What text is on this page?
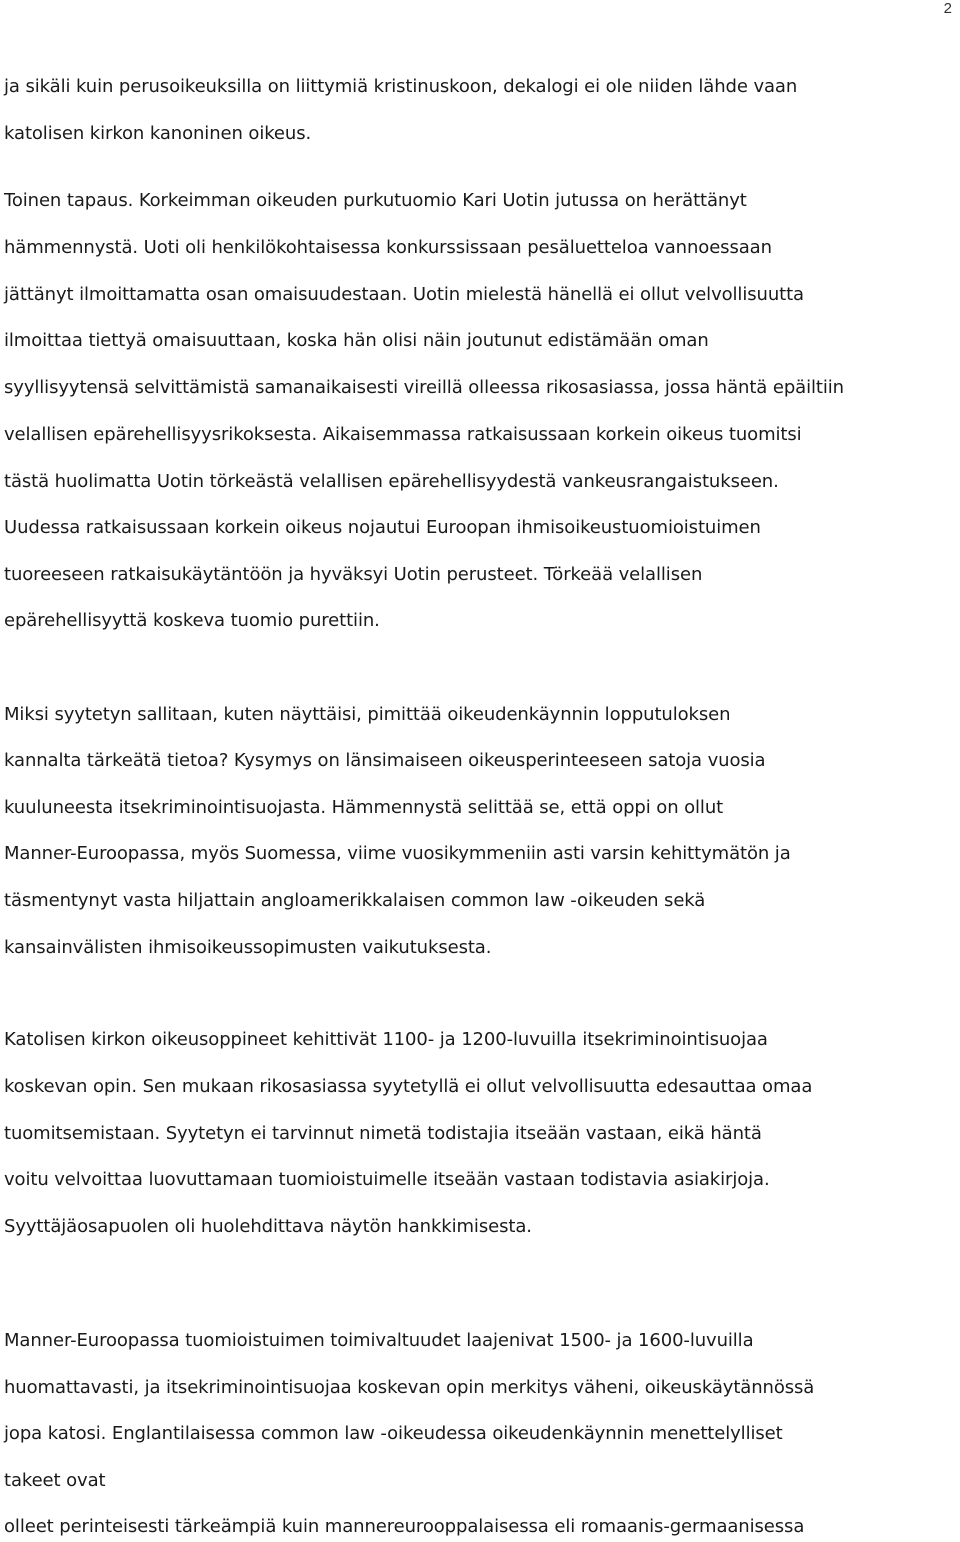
2
ja sikäli kuin perusoikeuksilla on liittymiä kristinuskoon, dekalogi ei ole niiden lähde vaan
katolisen kirkon kanoninen oikeus.
Toinen tapaus. Korkeimman oikeuden purkutuomio Kari Uotin jutussa on herättänyt
hämmennystä. Uoti oli henkilökohtaisessa konkurssissaan pesäluetteloa vannoessaan
jättänyt ilmoittamatta osan omaisuudestaan. Uotin mielestä hänellä ei ollut velvollisuutta
ilmoittaa tiettyä omaisuuttaan, koska hän olisi näin joutunut edistämään oman
syyllisyytensä selvittämistä samanaikaisesti vireillä olleessa rikosasiassa, jossa häntä epäiltiin
velallisen epärehellisyysrikoksesta. Aikaisemmassa ratkaisussaan korkein oikeus tuomitsi
tästä huolimatta Uotin törkeästä velallisen epärehellisyydestä vankeusrangaistukseen.
Uudessa ratkaisussaan korkein oikeus nojautui Euroopan ihmisoikeustuomioistuimen
tuoreeseen ratkaisukäytäntöön ja hyväksyi Uotin perusteet. Törkeää velallisen
epärehellisyyttä koskeva tuomio purettiin.
Miksi syytetyn sallitaan, kuten näyttäisi, pimittää oikeudenkäynnin lopputuloksen
kannalta tärkeätä tietoa? Kysymys on länsimaiseen oikeusperinteeseen satoja vuosia
kuuluneesta itsekriminointisuojasta. Hämmennystä selittää se, että oppi on ollut
Manner-Euroopassa, myös Suomessa, viime vuosikymmeniin asti varsin kehittymätön ja
täsmentynyt vasta hiljattain angloamerikkalaisen common law -oikeuden sekä
kansainvälisten ihmisoikeussopimusten vaikutuksesta.
Katolisen kirkon oikeusoppineet kehittivät 1100- ja 1200-luvuilla itsekriminointisuojaa
koskevan opin. Sen mukaan rikosasiassa syytetyllä ei ollut velvollisuutta edesauttaa omaa
tuomitsemistaan. Syytetyn ei tarvinnut nimetä todistajia itseään vastaan, eikä häntä
voitu velvoittaa luovuttamaan tuomioistuimelle itseään vastaan todistavia asiakirjoja.
Syyttäjäosapuolen oli huolehdittava näytön hankkimisesta.
Manner-Euroopassa tuomioistuimen toimivaltuudet laajenivat 1500- ja 1600-luvuilla
huomattavasti, ja itsekriminointisuojaa koskevan opin merkitys väheni, oikeuskäytännössä
jopa katosi. Englantilaisessa common law -oikeudessa oikeudenkäynnin menettelylliset
takeet ovat
olleet perinteisesti tärkeämpiä kuin mannereurooppalaisessa eli romaanis-germaanisessa
